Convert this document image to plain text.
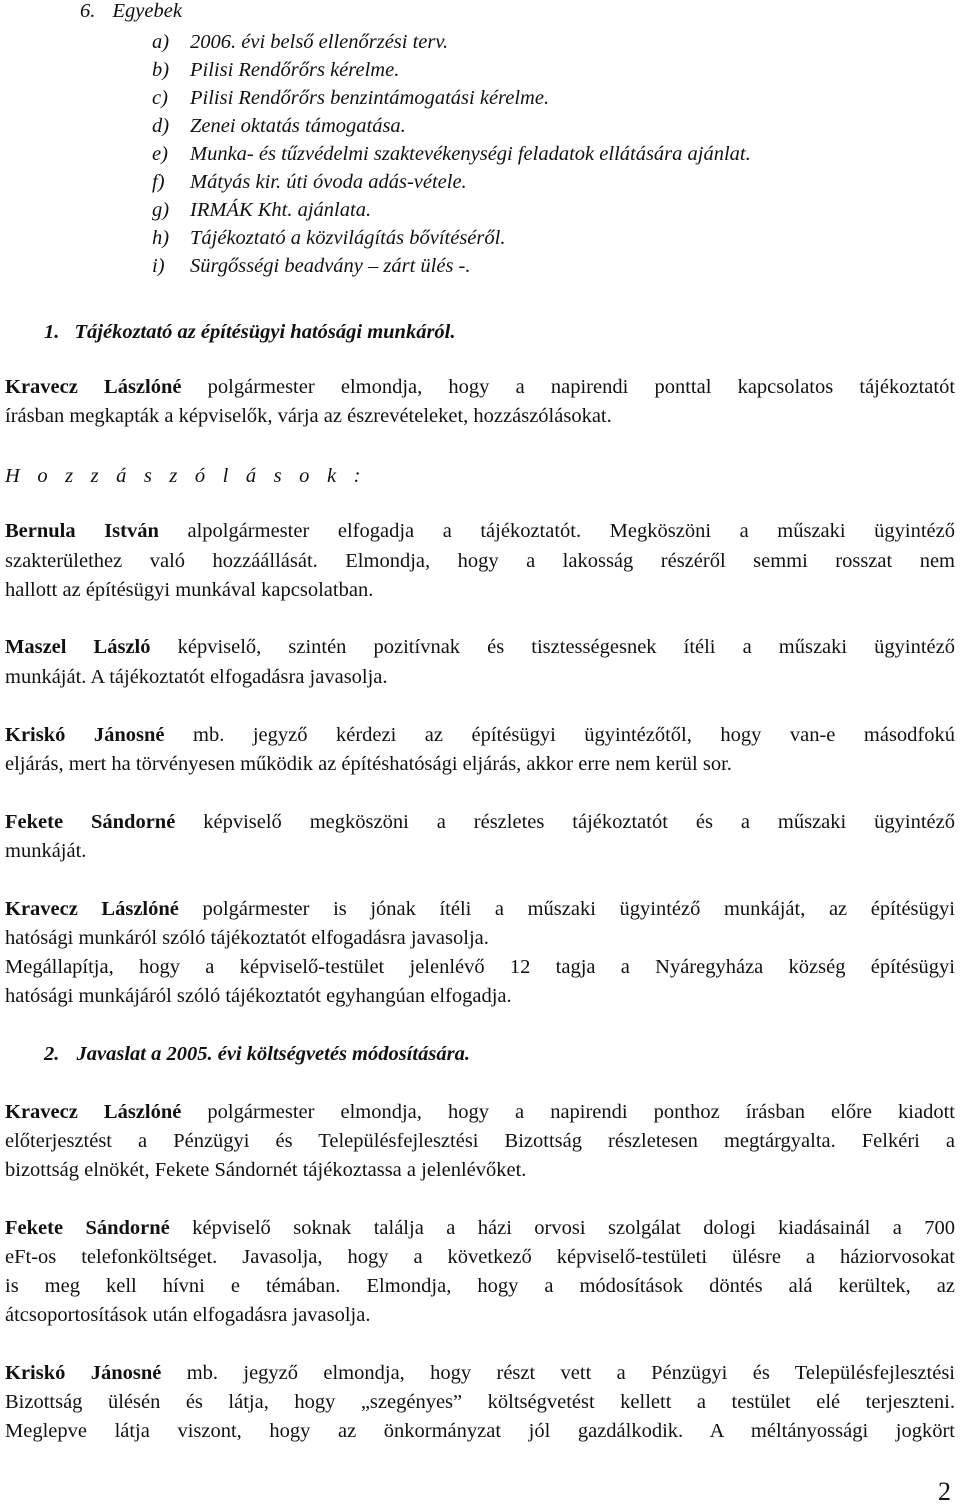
6. Egyebek
a)	2006. évi belső ellenőrzési terv.
b)	Pilisi Rendőrőrs kérelme.
c)	Pilisi Rendőrőrs benzintámogatási kérelme.
d)	Zenei oktatás támogatása.
e)	Munka- és tűzvédelmi szaktevékenységi feladatok ellátására ajánlat.
f)	Mátyás kir. úti óvoda adás-vétele.
g)	IRMÁK Kht. ajánlata.
h)	Tájékoztató a közvilágítás bővítéséről.
i)	Sürgősségi beadvány – zárt ülés -.
1. Tájékoztató az építésügyi hatósági munkáról.
Kravecz Lászlóné polgármester elmondja, hogy a napirendi ponttal kapcsolatos tájékoztatót
írásban megkapták a képviselők, várja az észrevételeket, hozzászólásokat.
H o z z á s z ó l á s o k :
Bernula István alpolgármester elfogadja a tájékoztatót. Megköszöni a műszaki ügyintéző
szakterülethez való hozzáállását. Elmondja, hogy a lakosság részéről semmi rosszat nem
hallott az építésügyi munkával kapcsolatban.
Maszel László képviselő, szintén pozitívnak és tisztességesnek ítéli a műszaki ügyintéző
munkáját. A tájékoztatót elfogadásra javasolja.
Kriskó Jánosné mb. jegyző kérdezi az építésügyi ügyintézőtől, hogy van-e másodfokú
eljárás, mert ha törvényesen működik az építéshatósági eljárás, akkor erre nem kerül sor.
Fekete Sándorné képviselő megköszöni a részletes tájékoztatót és a műszaki ügyintéző
munkáját.
Kravecz Lászlóné polgármester is jónak ítéli a műszaki ügyintéző munkáját, az építésügyi
hatósági munkáról szóló tájékoztatót elfogadásra javasolja.
Megállapítja, hogy a képviselő-testület jelenlévő 12 tagja a Nyáregyháza község építésügyi
hatósági munkájáról szóló tájékoztatót egyhangúan elfogadja.
2. Javaslat a 2005. évi költségvetés módosítására.
Kravecz Lászlóné polgármester elmondja, hogy a napirendi ponthoz írásban előre kiadott
előterjesztést a Pénzügyi és Településfejlesztési Bizottság részletesen megtárgyalta. Felkéri a
bizottság elnökét, Fekete Sándornét tájékoztassa a jelenlévőket.
Fekete Sándorné képviselő soknak találja a házi orvosi szolgálat dologi kiadásainál a 700
eFt-os telefonköltséget. Javasolja, hogy a következő képviselő-testületi ülésre a háziorvosokat
is meg kell hívni e témában. Elmondja, hogy a módosítások döntés alá kerültek, az
átcsoportosítások után elfogadásra javasolja.
Kriskó Jánosné mb. jegyző elmondja, hogy részt vett a Pénzügyi és Településfejlesztési
Bizottság ülésén és látja, hogy „szegényes” költségvetést kellett a testület elé terjeszteni.
Meglepve látja viszont, hogy az önkormányzat jól gazdálkodik. A méltányossági jogkört
2
